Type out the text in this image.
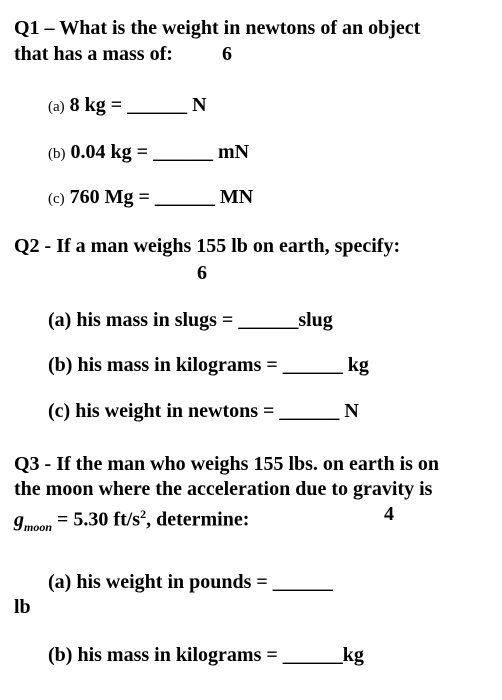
Q1 – What is the weight in newtons of an object
that has a mass of: 6
(a) 8 kg = ______ N
(b) 0.04 kg = ______ mN
(c) 760 Mg = ______ MN
Q2 - If a man weighs 155 lb on earth, specify:
6
(a) his mass in slugs = ______slug
(b) his mass in kilograms = ______ kg
(c) his weight in newtons = ______ N
Q3 - If the man who weighs 155 lbs. on earth is on
the moon where the acceleration due to gravity is
$g_{moon} = 5.30$ $ft/s^2$, determine:	4
(a) his weight in pounds = ______
lb
(b) his mass in kilograms = ______kg
